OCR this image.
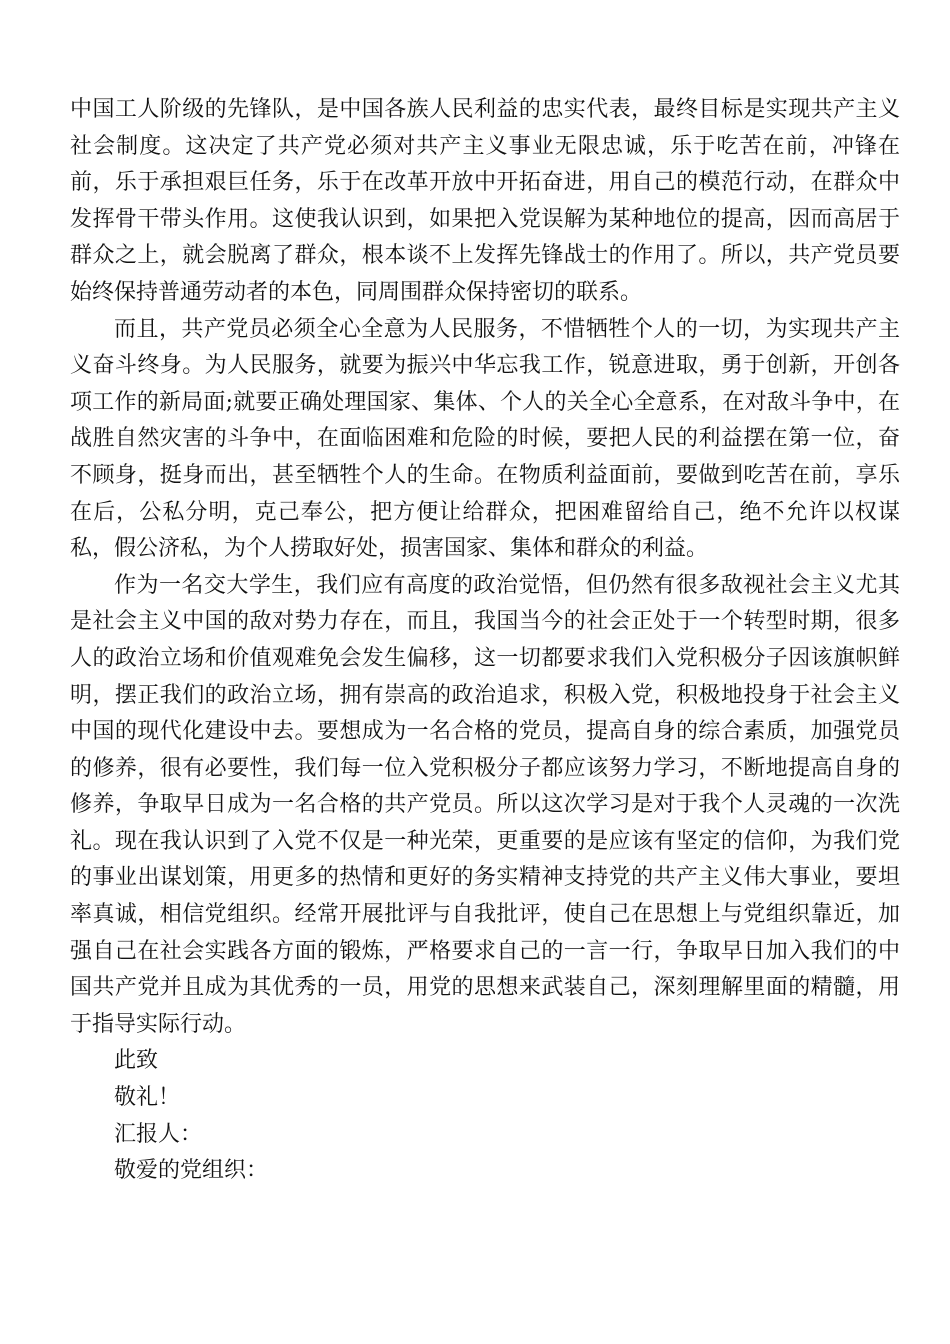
中国工人阶级的先锋队，是中国各族人民利益的忠实代表，最终目标是实现共产主义社会制度。这决定了共产党必须对共产主义事业无限忠诚，乐于吃苦在前，冲锋在前，乐于承担艰巨任务，乐于在改革开放中开拓奋进，用自己的模范行动，在群众中发挥骨干带头作用。这使我认识到，如果把入党误解为某种地位的提高，因而高居于群众之上，就会脱离了群众，根本谈不上发挥先锋战士的作用了。所以，共产党员要始终保持普通劳动者的本色，同周围群众保持密切的联系。

而且，共产党员必须全心全意为人民服务，不惜牺牲个人的一切，为实现共产主义奋斗终身。为人民服务，就要为振兴中华忘我工作，锐意进取，勇于创新，开创各项工作的新局面;就要正确处理国家、集体、个人的关全心全意系，在对敌斗争中，在战胜自然灾害的斗争中，在面临困难和危险的时候，要把人民的利益摆在第一位，奋不顾身，挺身而出，甚至牺牲个人的生命。在物质利益面前，要做到吃苦在前，享乐在后，公私分明，克己奉公，把方便让给群众，把困难留给自己，绝不允许以权谋私，假公济私，为个人捞取好处，损害国家、集体和群众的利益。

作为一名交大学生，我们应有高度的政治觉悟，但仍然有很多敌视社会主义尤其是社会主义中国的敌对势力存在，而且，我国当今的社会正处于一个转型时期，很多人的政治立场和价值观难免会发生偏移，这一切都要求我们入党积极分子因该旗帜鲜明，摆正我们的政治立场，拥有崇高的政治追求，积极入党，积极地投身于社会主义中国的现代化建设中去。要想成为一名合格的党员，提高自身的综合素质，加强党员的修养，很有必要性，我们每一位入党积极分子都应该努力学习，不断地提高自身的修养，争取早日成为一名合格的共产党员。所以这次学习是对于我个人灵魂的一次洗礼。现在我认识到了入党不仅是一种光荣，更重要的是应该有坚定的信仰，为我们党的事业出谋划策，用更多的热情和更好的务实精神支持党的共产主义伟大事业，要坦率真诚，相信党组织。经常开展批评与自我批评，使自己在思想上与党组织靠近，加强自己在社会实践各方面的锻炼，严格要求自己的一言一行，争取早日加入我们的中国共产党并且成为其优秀的一员，用党的思想来武装自己，深刻理解里面的精髓，用于指导实际行动。

此致

敬礼！

汇报人：

敬爱的党组织：
